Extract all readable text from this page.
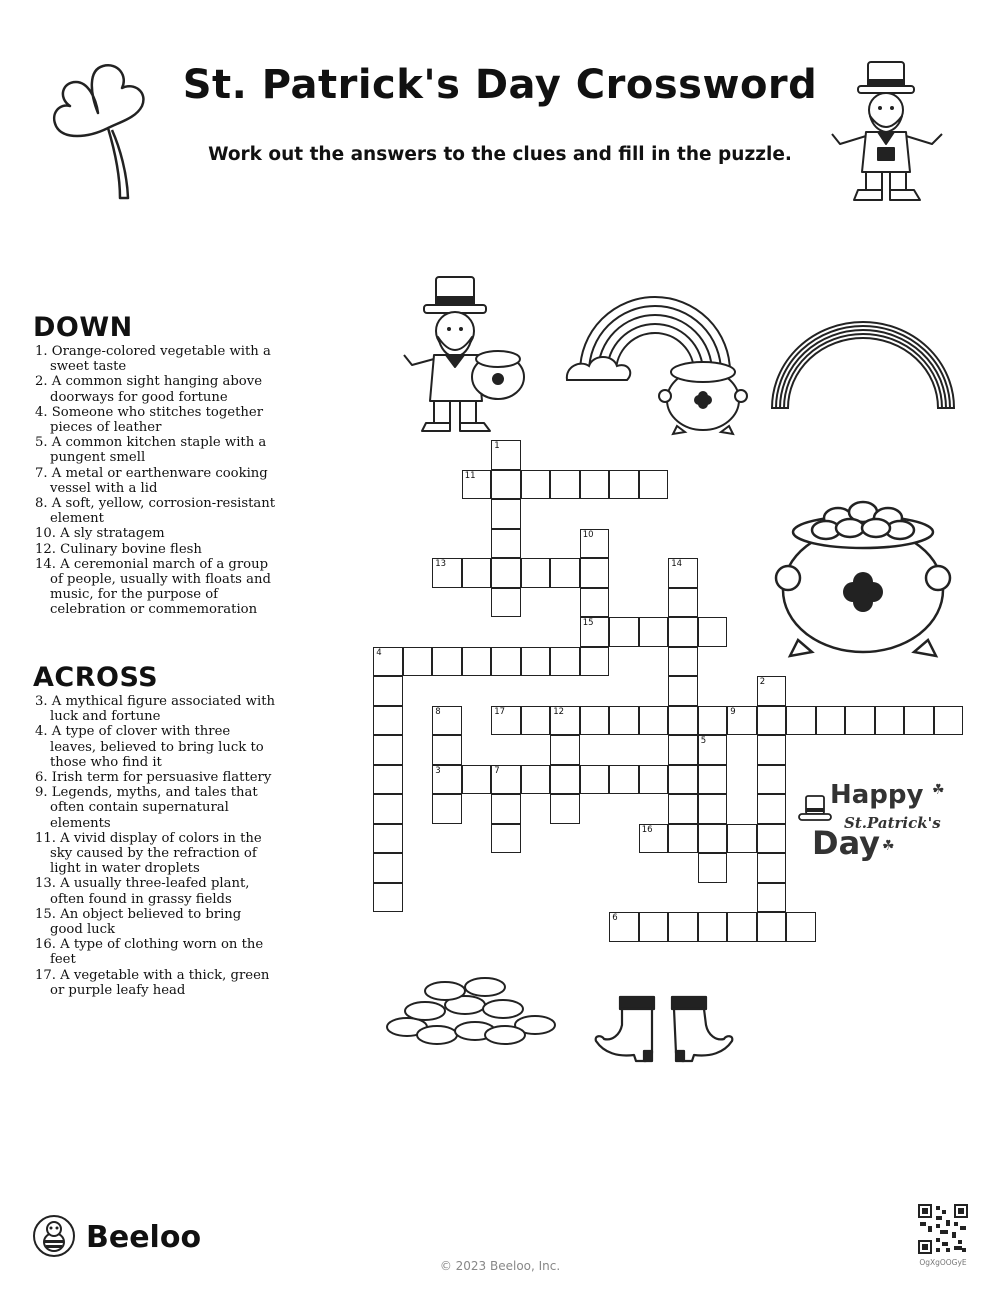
St. Patrick's Day Crossword

Work out the answers to the clues and fill in the puzzle.

DOWN
1. Orange-colored vegetable with a sweet taste
2. A common sight hanging above doorways for good fortune
4. Someone who stitches together pieces of leather
5. A common kitchen staple with a pungent smell
7. A metal or earthenware cooking vessel with a lid
8. A soft, yellow, corrosion-resistant element
10. A sly stratagem
12. Culinary bovine flesh
14. A ceremonial march of a group of people, usually with floats and music, for the purpose of celebration or commemoration
ACROSS
3. A mythical figure associated with luck and fortune
4. A type of clover with three leaves, believed to bring luck to those who find it
6. Irish term for persuasive flattery
9. Legends, myths, and tales that often contain supernatural elements
11. A vivid display of colors in the sky caused by the refraction of light in water droplets
13. A usually three-leafed plant, often found in grassy fields
15. An object believed to bring good luck
16. A type of clothing worn on the feet
17. A vegetable with a thick, green or purple leafy head
1
2
4
5
7
8
3
10
15
12
14
6
9
11
13
16
17
Happy
St.Patrick's
Day
☘
☘
Beeloo
© 2023 Beeloo, Inc.	OgXgOOGyE
